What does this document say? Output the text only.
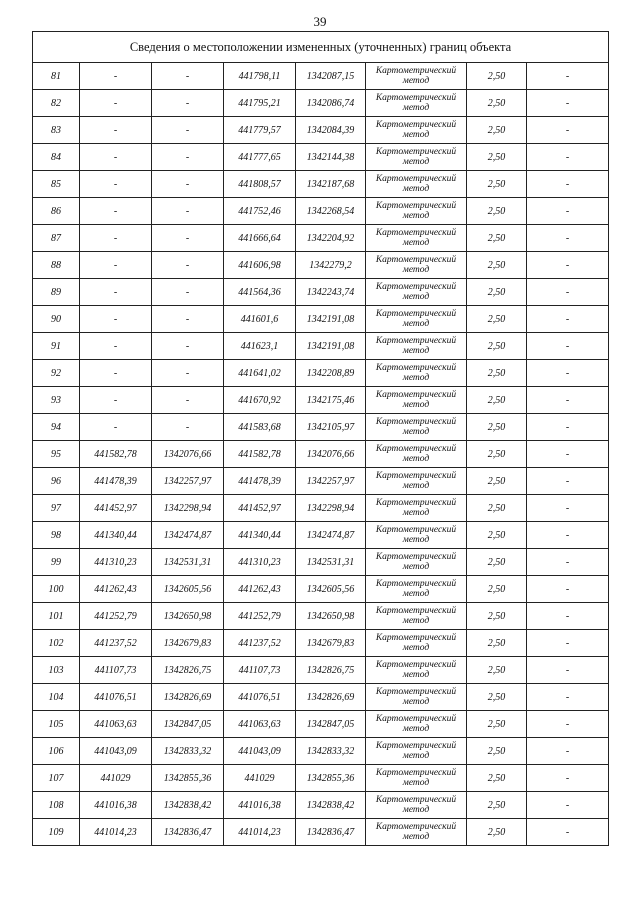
39
Сведения о местоположении измененных (уточненных) границ объекта							
81	-	-	441798,11	1342087,15	Картометрический метод	2,50	-
82	-	-	441795,21	1342086,74	Картометрический метод	2,50	-
83	-	-	441779,57	1342084,39	Картометрический метод	2,50	-
84	-	-	441777,65	1342144,38	Картометрический метод	2,50	-
85	-	-	441808,57	1342187,68	Картометрический метод	2,50	-
86	-	-	441752,46	1342268,54	Картометрический метод	2,50	-
87	-	-	441666,64	1342204,92	Картометрический метод	2,50	-
88	-	-	441606,98	1342279,2	Картометрический метод	2,50	-
89	-	-	441564,36	1342243,74	Картометрический метод	2,50	-
90	-	-	441601,6	1342191,08	Картометрический метод	2,50	-
91	-	-	441623,1	1342191,08	Картометрический метод	2,50	-
92	-	-	441641,02	1342208,89	Картометрический метод	2,50	-
93	-	-	441670,92	1342175,46	Картометрический метод	2,50	-
94	-	-	441583,68	1342105,97	Картометрический метод	2,50	-
95	441582,78	1342076,66	441582,78	1342076,66	Картометрический метод	2,50	-
96	441478,39	1342257,97	441478,39	1342257,97	Картометрический метод	2,50	-
97	441452,97	1342298,94	441452,97	1342298,94	Картометрический метод	2,50	-
98	441340,44	1342474,87	441340,44	1342474,87	Картометрический метод	2,50	-
99	441310,23	1342531,31	441310,23	1342531,31	Картометрический метод	2,50	-
100	441262,43	1342605,56	441262,43	1342605,56	Картометрический метод	2,50	-
101	441252,79	1342650,98	441252,79	1342650,98	Картометрический метод	2,50	-
102	441237,52	1342679,83	441237,52	1342679,83	Картометрический метод	2,50	-
103	441107,73	1342826,75	441107,73	1342826,75	Картометрический метод	2,50	-
104	441076,51	1342826,69	441076,51	1342826,69	Картометрический метод	2,50	-
105	441063,63	1342847,05	441063,63	1342847,05	Картометрический метод	2,50	-
106	441043,09	1342833,32	441043,09	1342833,32	Картометрический метод	2,50	-
107	441029	1342855,36	441029	1342855,36	Картометрический метод	2,50	-
108	441016,38	1342838,42	441016,38	1342838,42	Картометрический метод	2,50	-
109	441014,23	1342836,47	441014,23	1342836,47	Картометрический метод	2,50	-
